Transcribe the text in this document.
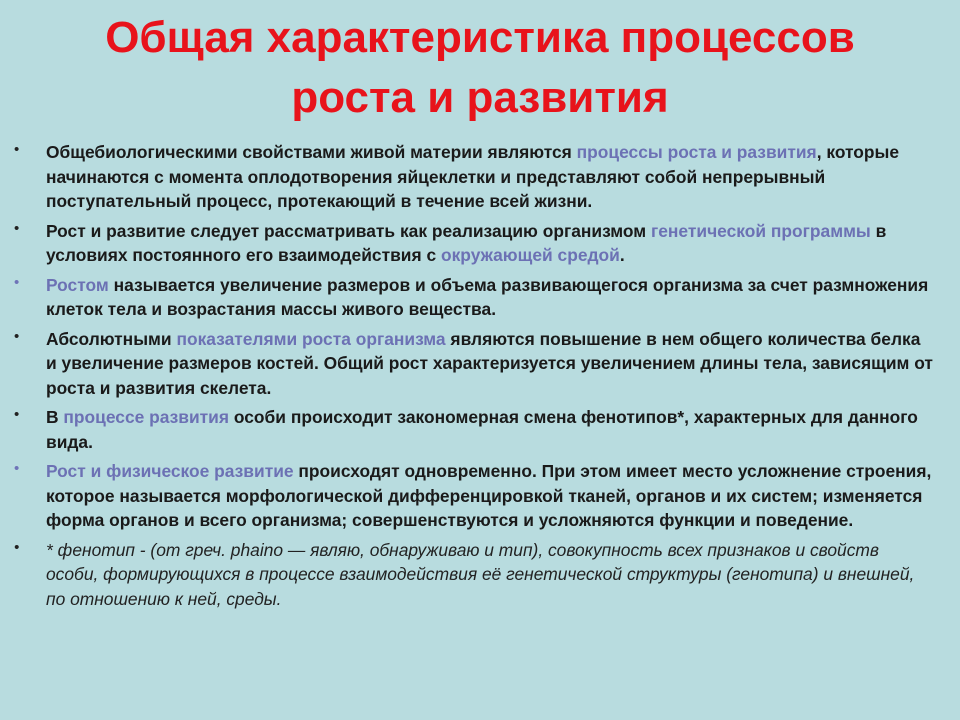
Общая характеристика процессов
роста и развития
• Общебиологическими свойствами живой материи являются процессы роста и развития, которые начинаются с момента оплодотворения яйцеклетки и представляют собой непрерывный поступательный процесс, протекающий в течение всей жизни.
• Рост и развитие следует рассматривать как реализацию организмом генетической программы в условиях постоянного его взаимодействия с окружающей средой.
• Ростом называется увеличение размеров и объема развивающегося организма за счет размножения клеток тела и возрастания массы живого вещества.
• Абсолютными показателями роста организма являются повышение в нем общего количества белка и увеличение размеров костей. Общий рост характеризуется увеличением длины тела, зависящим от роста и развития скелета.
• В процессе развития особи происходит закономерная смена фенотипов*, характерных для данного вида.
• Рост и физическое развитие происходят одновременно. При этом имеет место усложнение строения, которое называется морфологической дифференцировкой тканей, органов и их систем; изменяется форма органов и всего организма; совершенствуются и усложняются функции и поведение.
• * фенотип - (от греч. phaino — являю, обнаруживаю и тип), совокупность всех признаков и свойств особи, формирующихся в процессе взаимодействия её генетической структуры (генотипа) и внешней, по отношению к ней, среды.
